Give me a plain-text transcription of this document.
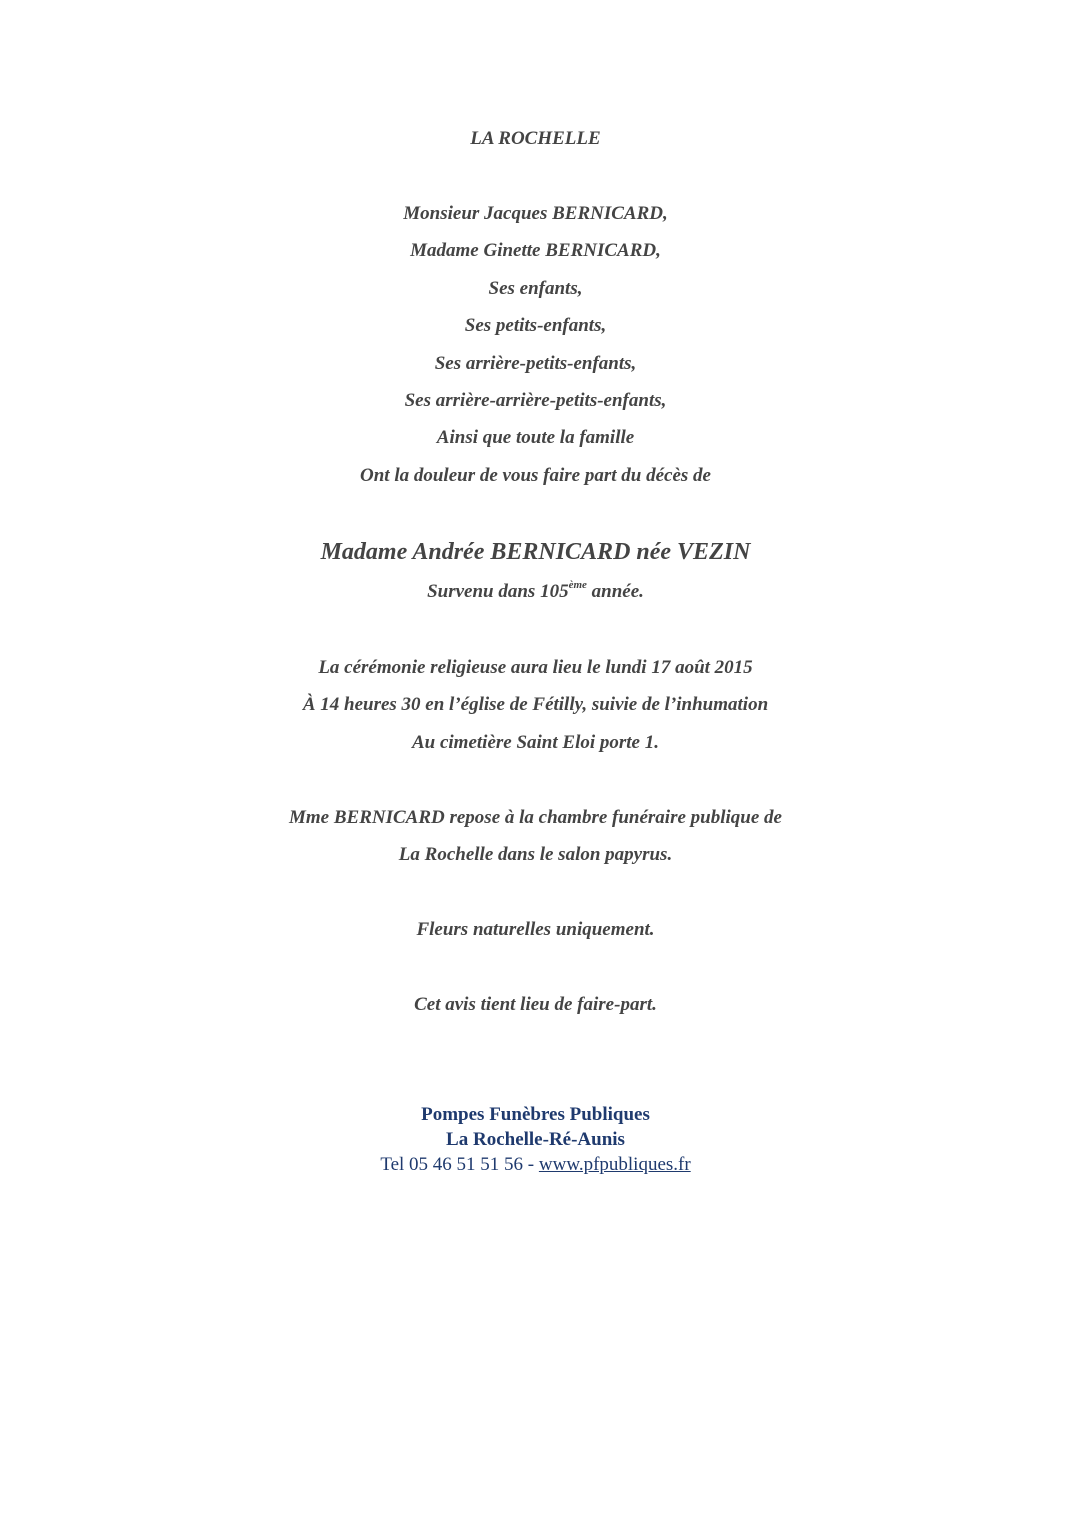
LA ROCHELLE

Monsieur Jacques BERNICARD,
Madame Ginette BERNICARD,
Ses enfants,
Ses petits-enfants,
Ses arrière-petits-enfants,
Ses arrière-arrière-petits-enfants,
Ainsi que toute la famille
Ont la douleur de vous faire part du décès de

Madame Andrée BERNICARD née VEZIN
Survenu dans 105ème année.

La cérémonie religieuse aura lieu le lundi 17 août 2015
À 14 heures 30 en l’église de Fétilly, suivie de l’inhumation
Au cimetière Saint Eloi porte 1.

Mme BERNICARD repose à la chambre funéraire publique de
La Rochelle dans le salon papyrus.

Fleurs naturelles uniquement.

Cet avis tient lieu de faire-part.

Pompes Funèbres Publiques
La Rochelle-Ré-Aunis
Tel 05 46 51 51 56 - www.pfpubliques.fr
